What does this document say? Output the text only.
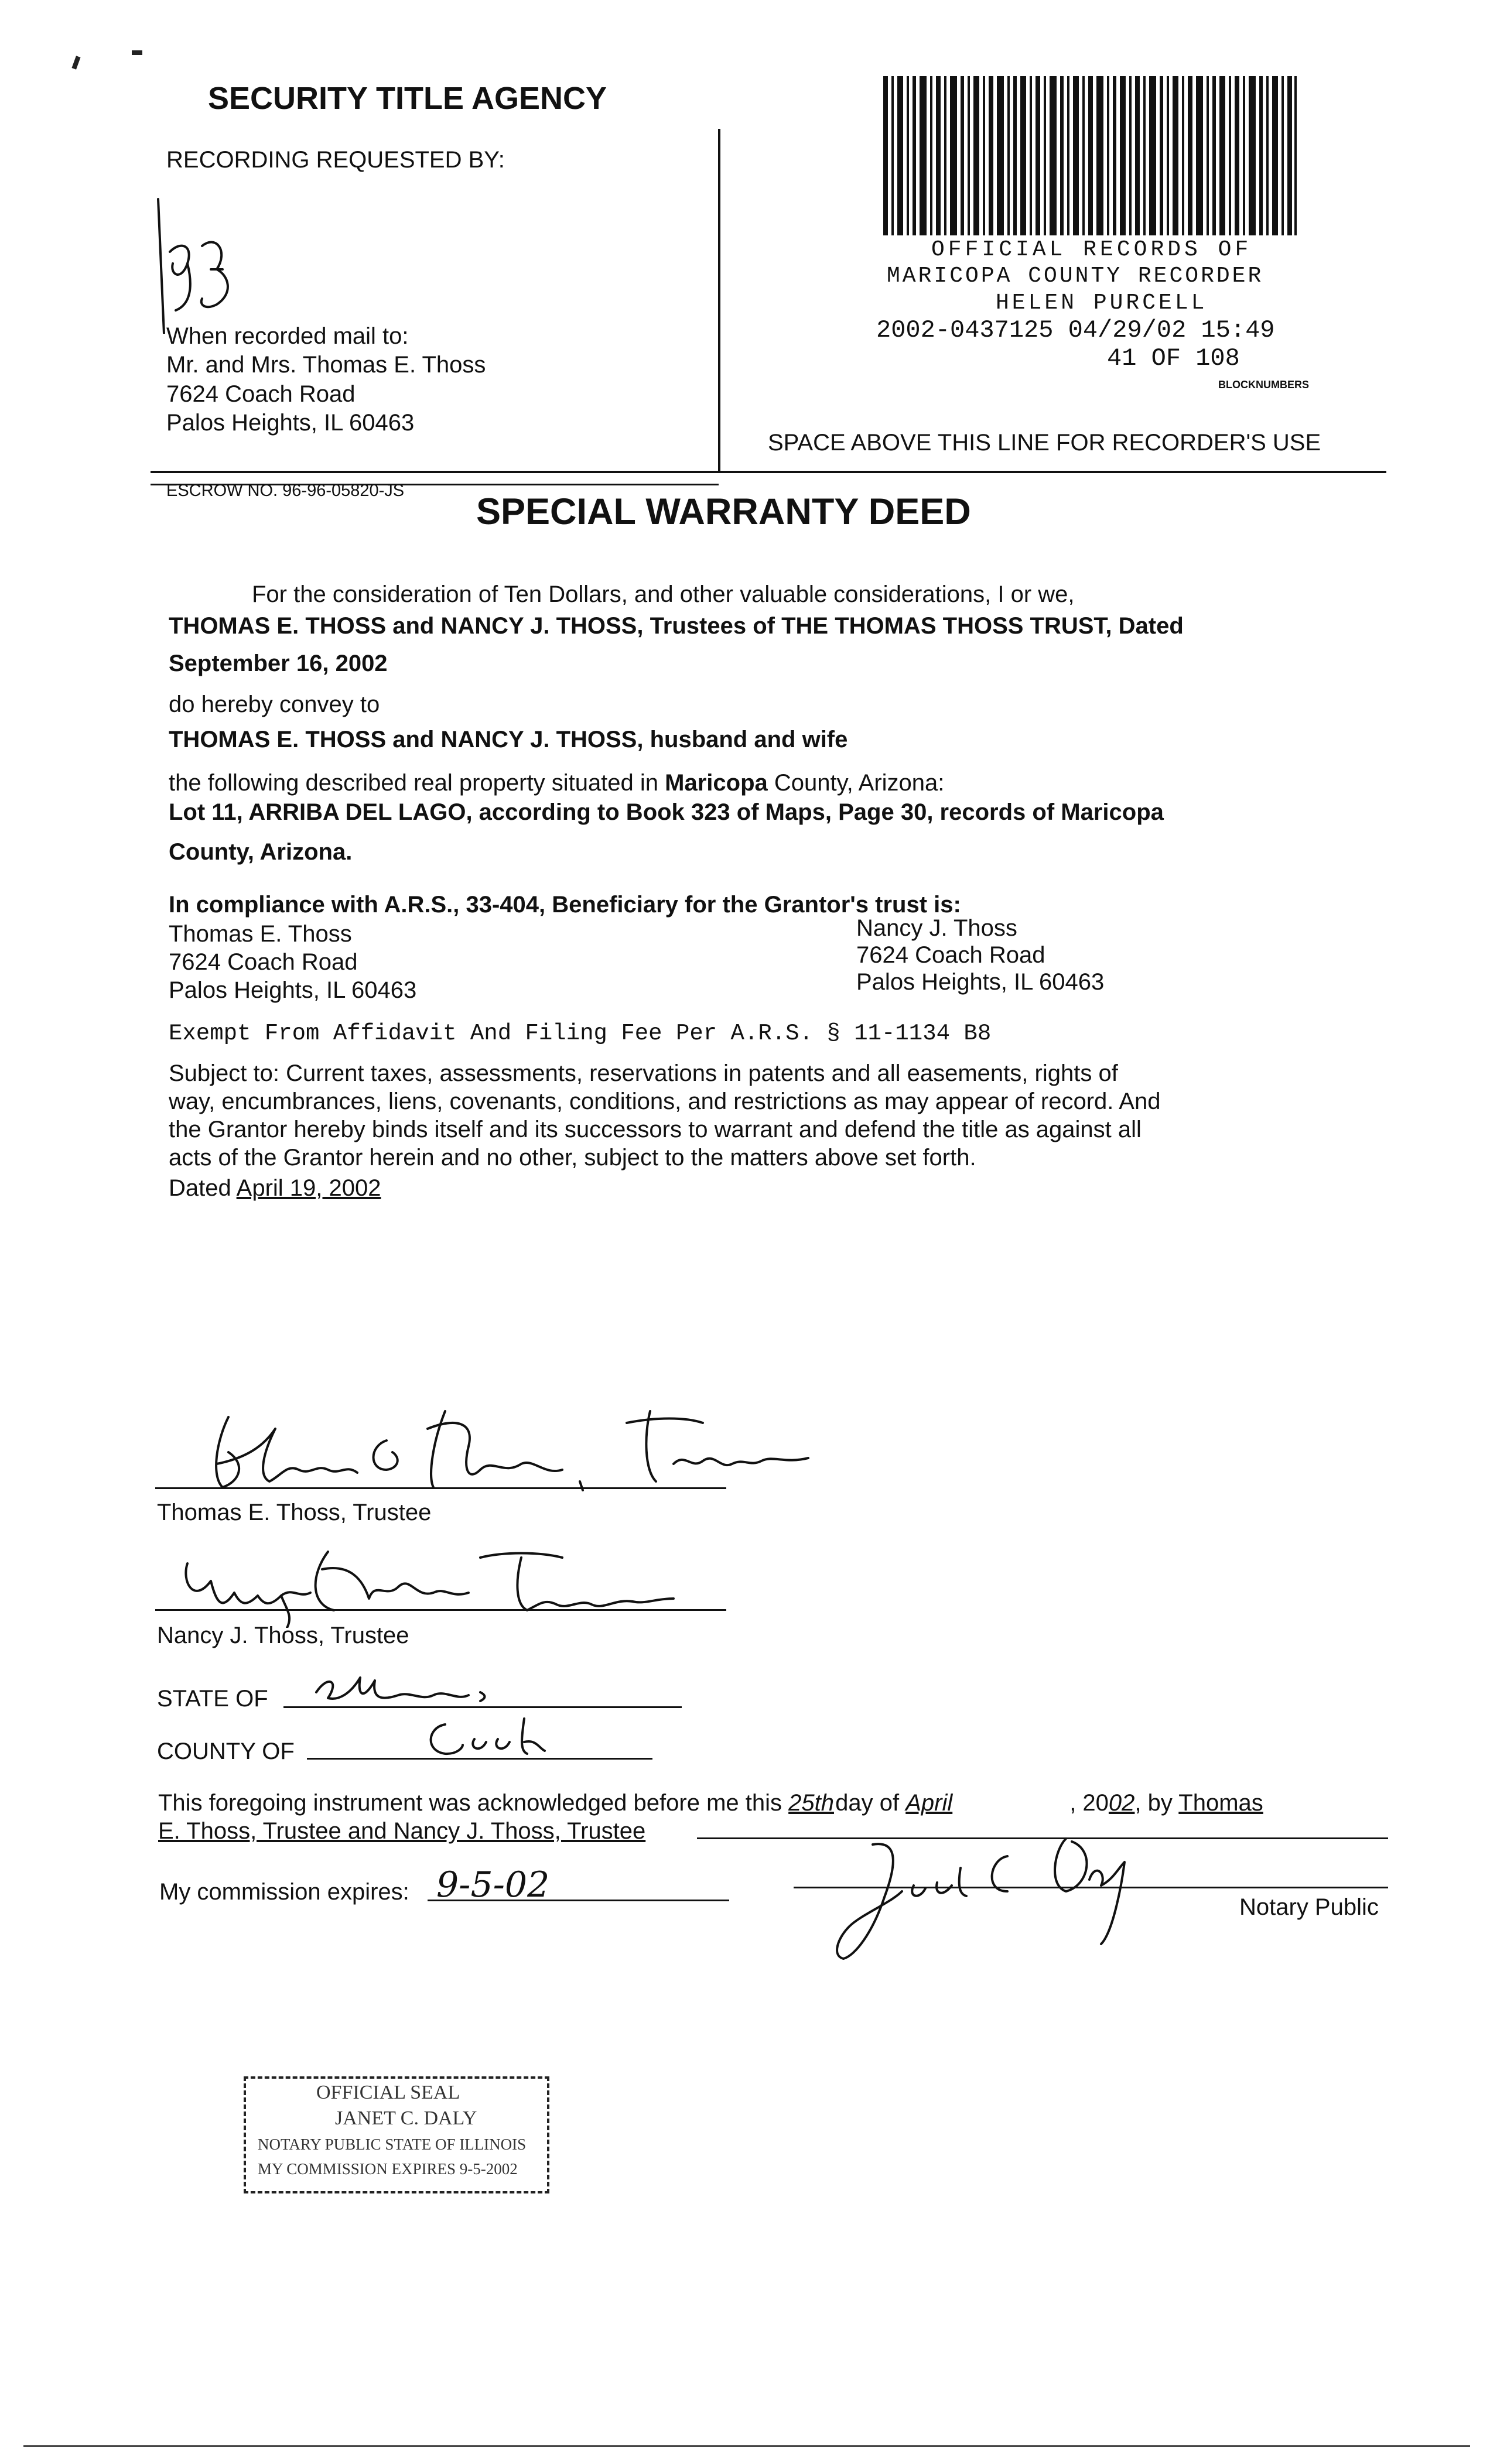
SECURITY TITLE AGENCY
RECORDING REQUESTED BY:
When recorded mail to:
Mr. and Mrs. Thomas E. Thoss
7624 Coach Road
Palos Heights, IL 60463
OFFICIAL RECORDS OF
MARICOPA COUNTY RECORDER
HELEN PURCELL
2002-0437125 04/29/02 15:49
41 OF 108
BLOCKNUMBERS
SPACE ABOVE THIS LINE FOR RECORDER'S USE
ESCROW NO. 96-96-05820-JS
SPECIAL WARRANTY DEED
For the consideration of Ten Dollars, and other valuable considerations, I or we,
THOMAS E. THOSS and NANCY J. THOSS, Trustees of THE THOMAS THOSS TRUST, Dated
September 16, 2002
do hereby convey to
THOMAS E. THOSS and NANCY J. THOSS, husband and wife
the following described real property situated in Maricopa County, Arizona:
Lot 11, ARRIBA DEL LAGO, according to Book 323 of Maps, Page 30, records of Maricopa
County, Arizona.
In compliance with A.R.S., 33-404, Beneficiary for the Grantor's trust is:
Thomas E. Thoss
7624 Coach Road
Palos Heights, IL 60463
Nancy J. Thoss
7624 Coach Road
Palos Heights, IL 60463
Exempt From Affidavit And Filing Fee Per A.R.S. § 11-1134 B8
Subject to: Current taxes, assessments, reservations in patents and all easements, rights of
way, encumbrances, liens, covenants, conditions, and restrictions as may appear of record. And
the Grantor hereby binds itself and its successors to warrant and defend the title as against all
acts of the Grantor herein and no other, subject to the matters above set forth.
Dated April 19, 2002
Thomas E. Thoss, Trustee
Nancy J. Thoss, Trustee
STATE OF
COUNTY OF
This foregoing instrument was acknowledged before me this 25thday of April	, 2002, by Thomas
E. Thoss, Trustee and Nancy J. Thoss, Trustee
My commission expires: 9-5-02
Notary Public
OFFICIAL SEAL
JANET C. DALY
NOTARY PUBLIC STATE OF ILLINOIS
MY COMMISSION EXPIRES 9-5-2002
